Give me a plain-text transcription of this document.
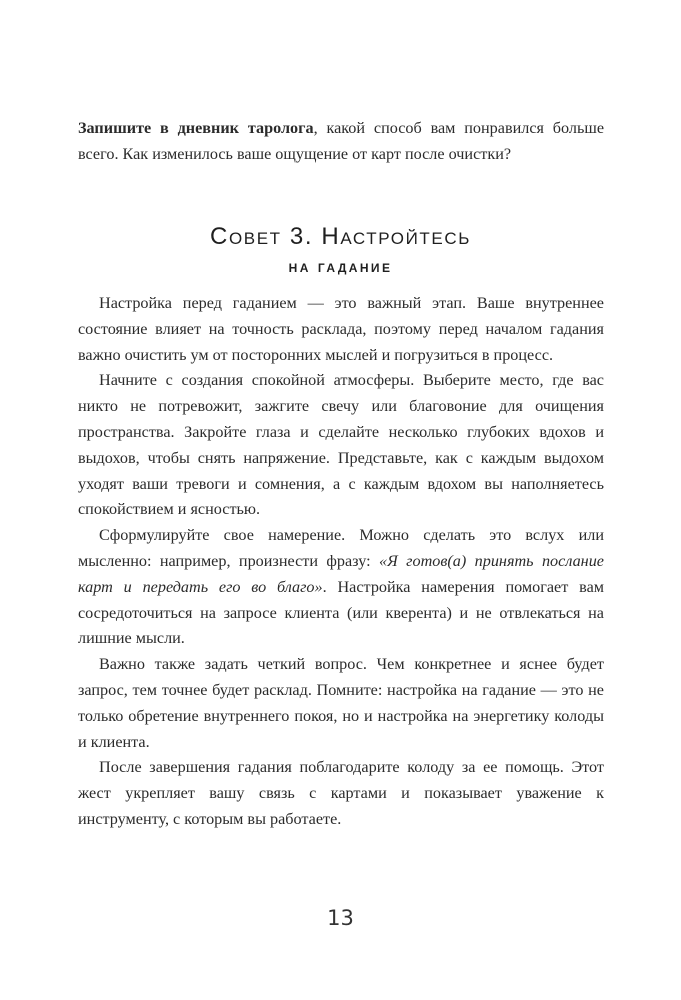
Запишите в дневник таролога, какой способ вам понравился больше всего. Как изменилось ваше ощущение от карт после очистки?

Совет 3. Настройтесь
на гадание

Настройка перед гаданием — это важный этап. Ваше внутреннее состояние влияет на точность расклада, поэтому перед началом гадания важно очистить ум от посторонних мыслей и погрузиться в процесс.

Начните с создания спокойной атмосферы. Выберите место, где вас никто не потревожит, зажгите свечу или благовоние для очищения пространства. Закройте глаза и сделайте несколько глубоких вдохов и выдохов, чтобы снять напряжение. Представьте, как с каждым выдохом уходят ваши тревоги и сомнения, а с каждым вдохом вы наполняетесь спокойствием и ясностью.

Сформулируйте свое намерение. Можно сделать это вслух или мысленно: например, произнести фразу: «Я готов(а) принять послание карт и передать его во благо». Настройка намерения помогает вам сосредоточиться на запросе клиента (или кверента) и не отвлекаться на лишние мысли.

Важно также задать четкий вопрос. Чем конкретнее и яснее будет запрос, тем точнее будет расклад. Помните: настройка на гадание — это не только обретение внутреннего покоя, но и настройка на энергетику колоды и клиента.

После завершения гадания поблагодарите колоду за ее помощь. Этот жест укрепляет вашу связь с картами и показывает уважение к инструменту, с которым вы работаете.

13
